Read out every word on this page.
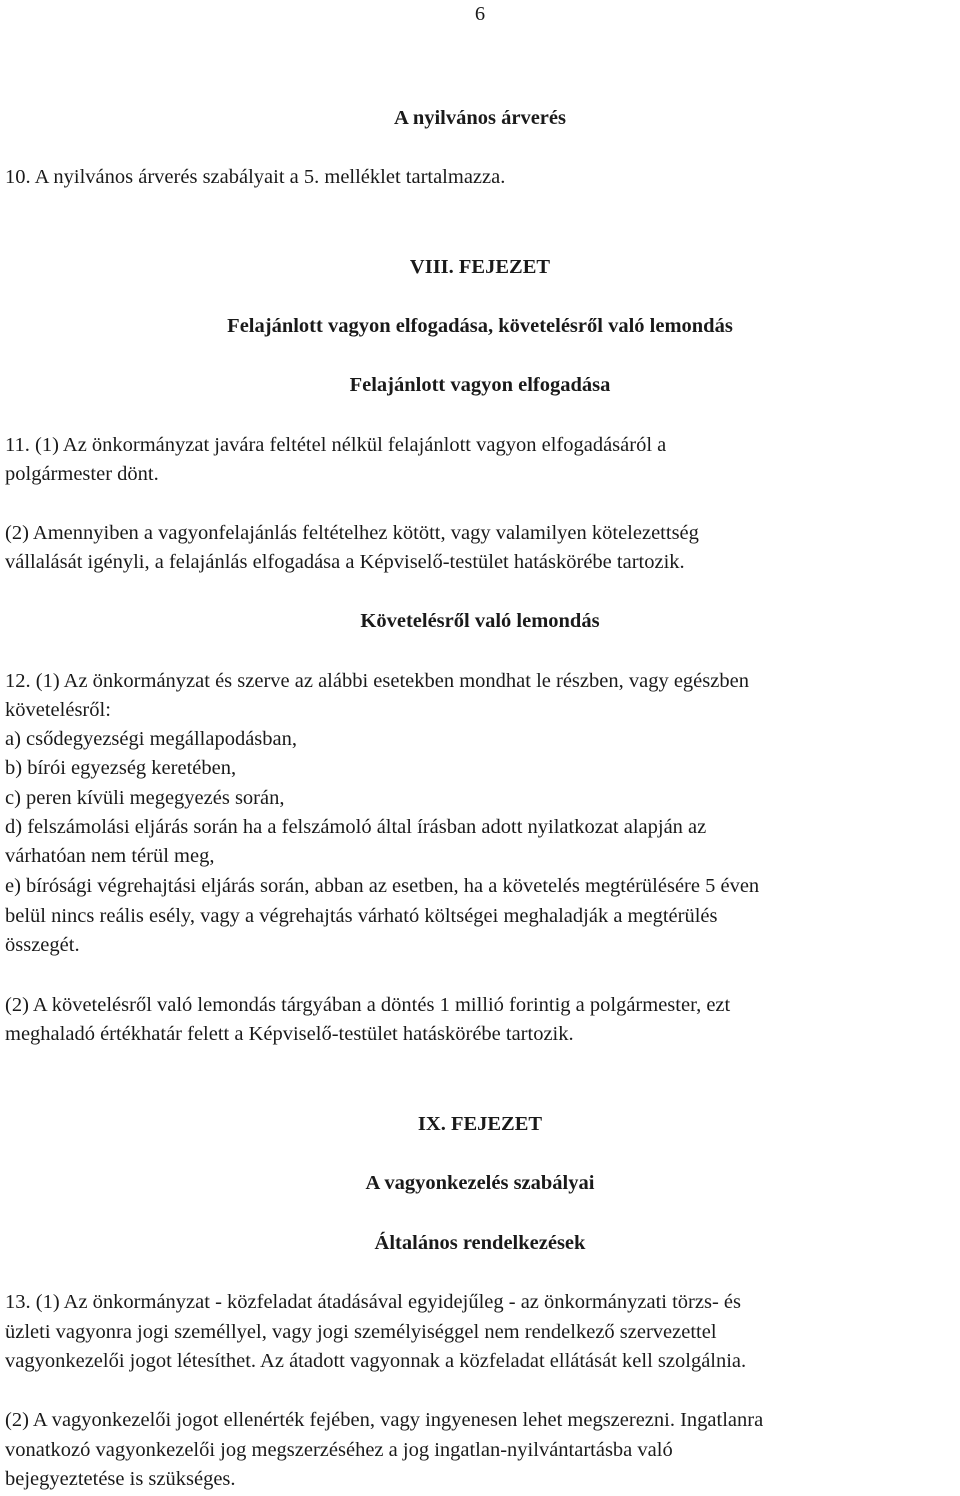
6
A nyilvános árverés
10. A nyilvános árverés szabályait a 5. melléklet tartalmazza.
VIII. FEJEZET
Felajánlott vagyon elfogadása, követelésről való lemondás
Felajánlott vagyon elfogadása
11. (1) Az önkormányzat javára feltétel nélkül felajánlott vagyon elfogadásáról a
polgármester dönt.
(2) Amennyiben a vagyonfelajánlás feltételhez kötött, vagy valamilyen kötelezettség
vállalását igényli, a felajánlás elfogadása a Képviselő-testület hatáskörébe tartozik.
Követelésről való lemondás
12. (1) Az önkormányzat és szerve az alábbi esetekben mondhat le részben, vagy egészben
követelésről:
a) csődegyezségi megállapodásban,
b) bírói egyezség keretében,
c) peren kívüli megegyezés során,
d) felszámolási eljárás során ha a felszámoló által írásban adott nyilatkozat alapján az
várhatóan nem térül meg,
e) bírósági végrehajtási eljárás során, abban az esetben, ha a követelés megtérülésére 5 éven
belül nincs reális esély, vagy a végrehajtás várható költségei meghaladják a megtérülés
összegét.
(2) A követelésről való lemondás tárgyában a döntés 1 millió forintig a polgármester, ezt
meghaladó értékhatár felett a Képviselő-testület hatáskörébe tartozik.
IX. FEJEZET
A vagyonkezelés szabályai
Általános rendelkezések
13. (1) Az önkormányzat - közfeladat átadásával egyidejűleg - az önkormányzati törzs- és
üzleti vagyonra jogi személlyel, vagy jogi személyiséggel nem rendelkező szervezettel
vagyonkezelői jogot létesíthet. Az átadott vagyonnak a közfeladat ellátását kell szolgálnia.
(2) A vagyonkezelői jogot ellenérték fejében, vagy ingyenesen lehet megszerezni. Ingatlanra
vonatkozó vagyonkezelői jog megszerzéséhez a jog ingatlan-nyilvántartásba való
bejegyeztetése is szükséges.
